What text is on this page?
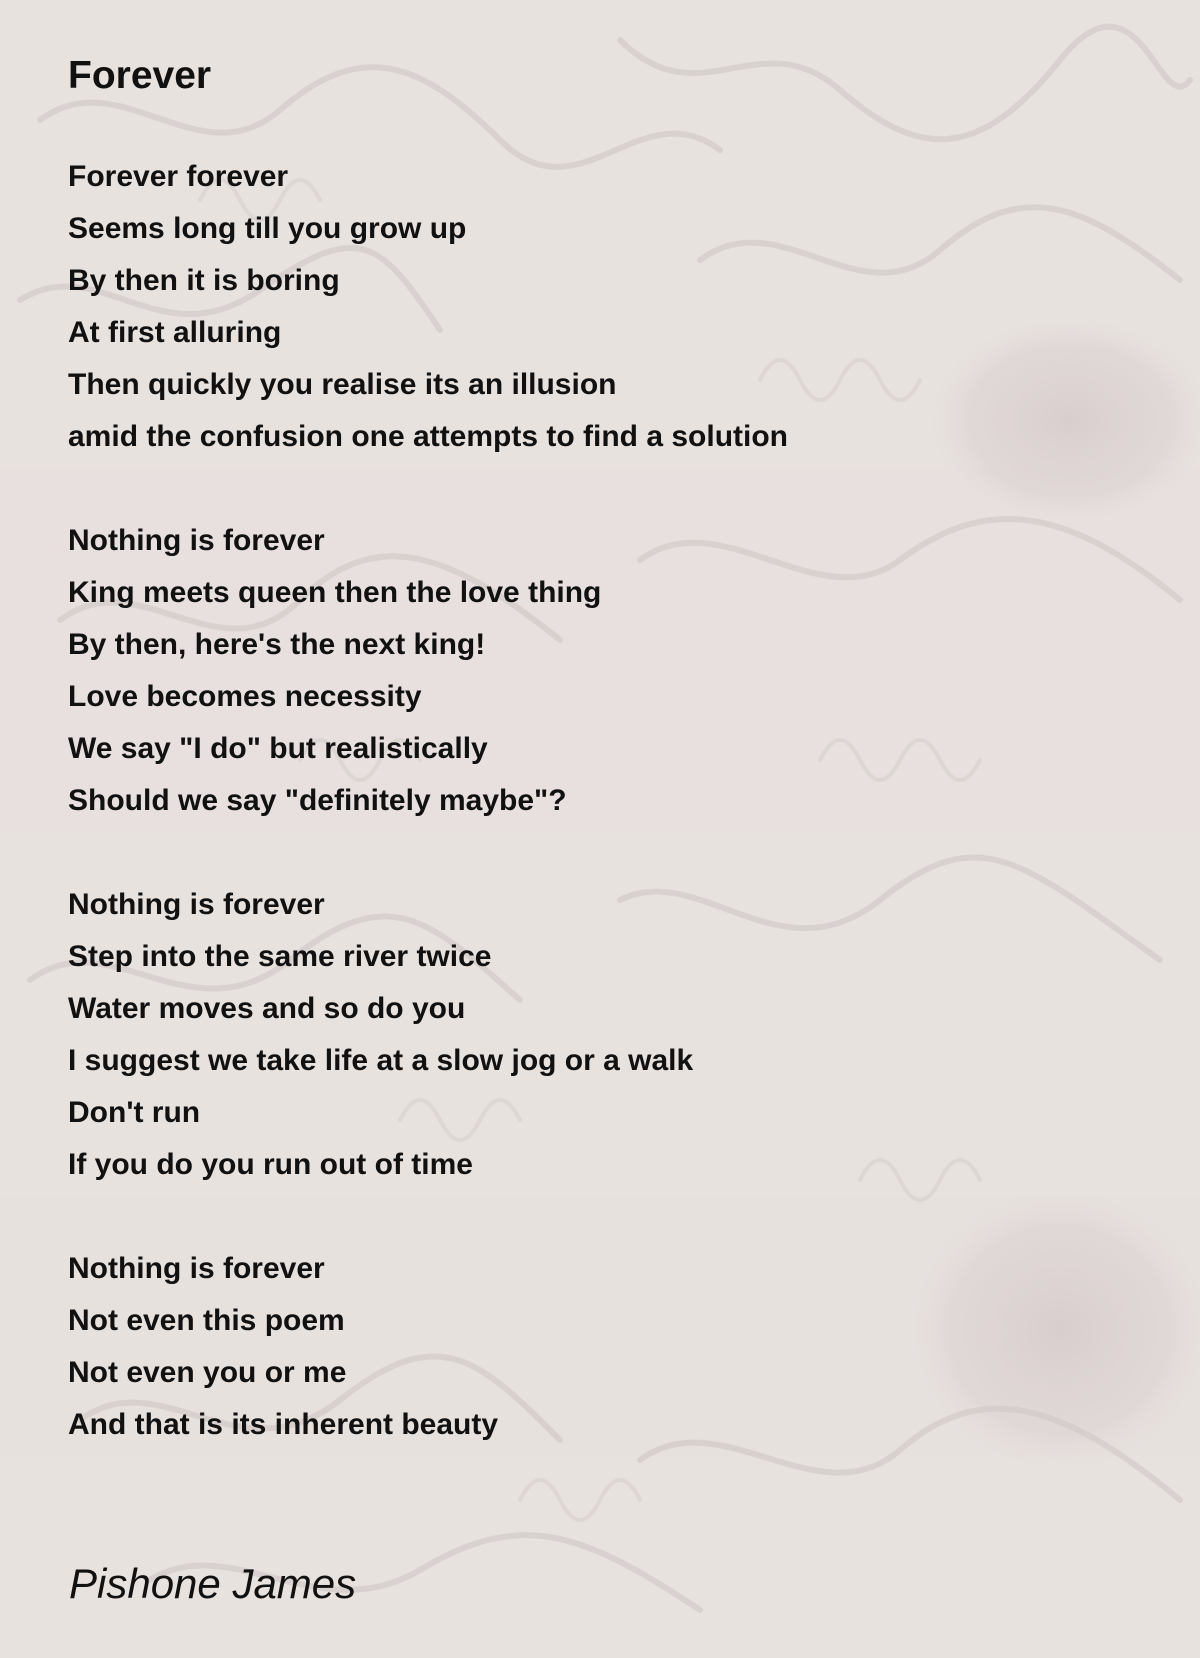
Forever
Forever forever
Seems long till you grow up
By then it is boring
At first alluring
Then quickly you realise its an illusion
amid the confusion one attempts to find a solution
Nothing is forever
King meets queen then the love thing
By then, here's the next king!
Love becomes necessity
We say "I do" but realistically
Should we say "definitely maybe"?
Nothing is forever
Step into the same river twice
Water moves and so do you
I suggest we take life at a slow jog or a walk
Don't run
If you do you run out of time
Nothing is forever
Not even this poem
Not even you or me
And that is its inherent beauty

Pishone James
